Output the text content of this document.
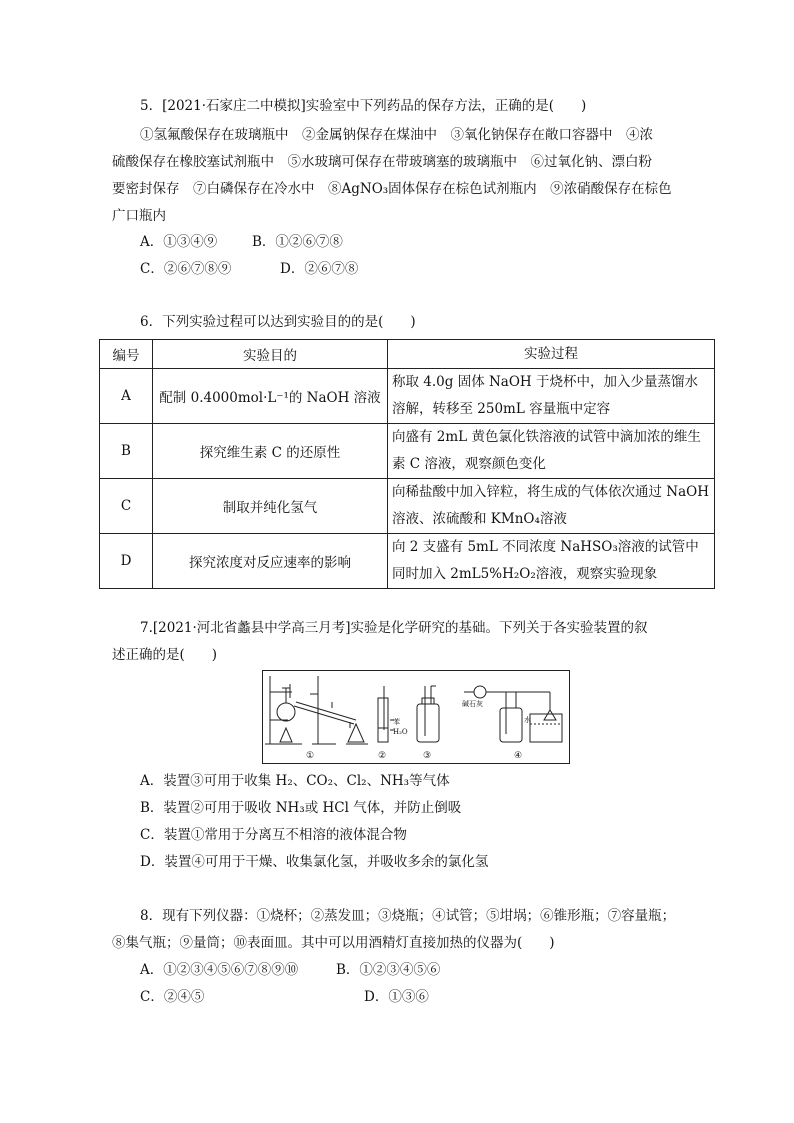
5．[2021·石家庄二中模拟]实验室中下列药品的保存方法，正确的是(　　)
①氢氟酸保存在玻璃瓶中　②金属钠保存在煤油中　③氧化钠保存在敞口容器中　④浓
硫酸保存在橡胶塞试剂瓶中　⑤水玻璃可保存在带玻璃塞的玻璃瓶中　⑥过氧化钠、漂白粉
要密封保存　⑦白磷保存在冷水中　⑧AgNO₃固体保存在棕色试剂瓶内　⑨浓硝酸保存在棕色
广口瓶内
A．①③④⑨	B．①②⑥⑦⑧
C．②⑥⑦⑧⑨	D．②⑥⑦⑧
6．下列实验过程可以达到实验目的的是(　　)
编号	实验目的	实验过程
A	配制 0.4000mol·L⁻¹的 NaOH 溶液	称取 4.0g 固体 NaOH 于烧杯中，加入少量蒸馏水溶解，转移至 250mL 容量瓶中定容
B	探究维生素 C 的还原性	向盛有 2mL 黄色氯化铁溶液的试管中滴加浓的维生素 C 溶液，观察颜色变化
C	制取并纯化氢气	向稀盐酸中加入锌粒，将生成的气体依次通过 NaOH 溶液、浓硫酸和 KMnO₄溶液
D	探究浓度对反应速率的影响	向 2 支盛有 5mL 不同浓度 NaHSO₃溶液的试管中同时加入 2mL5%H₂O₂溶液，观察实验现象
7.[2021·河北省蠡县中学高三月考]实验是化学研究的基础。下列关于各实验装置的叙
述正确的是(　　)
①	②	③	④
苯
H₂O
碱石灰
水
A．装置③可用于收集 H₂、CO₂、Cl₂、NH₃等气体
B．装置②可用于吸收 NH₃或 HCl 气体，并防止倒吸
C．装置①常用于分离互不相溶的液体混合物
D．装置④可用于干燥、收集氯化氢，并吸收多余的氯化氢
8．现有下列仪器：①烧杯；②蒸发皿；③烧瓶；④试管；⑤坩埚；⑥锥形瓶；⑦容量瓶；
⑧集气瓶；⑨量筒；⑩表面皿。其中可以用酒精灯直接加热的仪器为(　　)
A．①②③④⑤⑥⑦⑧⑨⑩	B．①②③④⑤⑥
C．②④⑤	D．①③⑥
